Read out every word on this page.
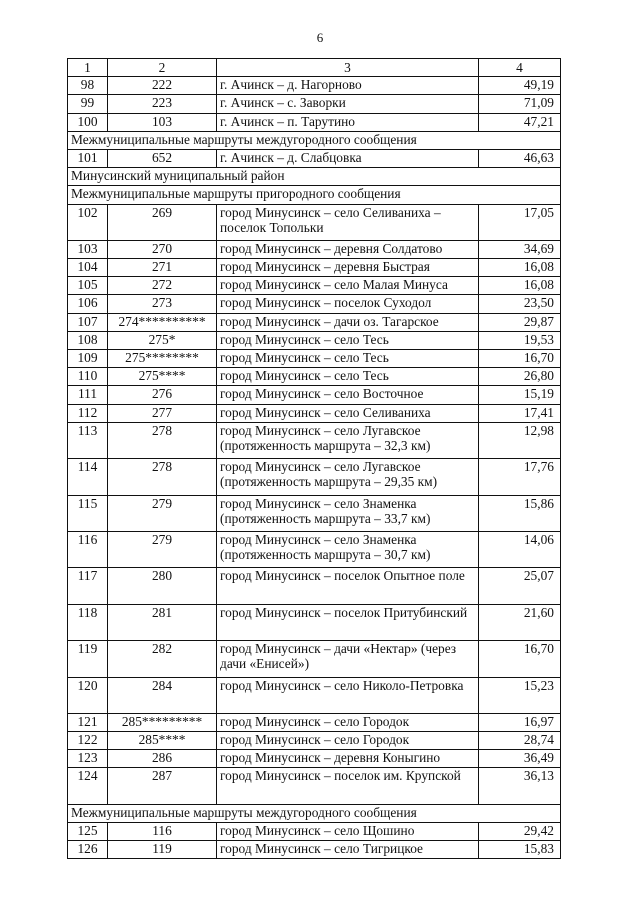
6
1	2	3	4
98	222	г. Ачинск – д. Нагорново	49,19
99	223	г. Ачинск – с. Заворки	71,09
100	103	г. Ачинск – п. Тарутино	47,21
Межмуниципальные маршруты междугородного сообщения			
101	652	г. Ачинск – д. Слабцовка	46,63
Минусинский муниципальный район			
Межмуниципальные маршруты пригородного сообщения			
102	269	город Минусинск – село Селиваниха – поселок Топольки	17,05
103	270	город Минусинск – деревня Солдатово	34,69
104	271	город Минусинск – деревня Быстрая	16,08
105	272	город Минусинск – село Малая Минуса	16,08
106	273	город Минусинск – поселок Суходол	23,50
107	274**********	город Минусинск – дачи оз. Тагарское	29,87
108	275*	город Минусинск – село Тесь	19,53
109	275********	город Минусинск – село Тесь	16,70
110	275****	город Минусинск – село Тесь	26,80
111	276	город Минусинск – село Восточное	15,19
112	277	город Минусинск – село Селиваниха	17,41
113	278	город Минусинск – село Лугавское (протяженность маршрута – 32,3 км)	12,98
114	278	город Минусинск – село Лугавское (протяженность маршрута – 29,35 км)	17,76
115	279	город Минусинск – село Знаменка (протяженность маршрута – 33,7 км)	15,86
116	279	город Минусинск – село Знаменка (протяженность маршрута – 30,7 км)	14,06
117	280	город Минусинск – поселок Опытное поле	25,07
118	281	город Минусинск – поселок Притубинский	21,60
119	282	город Минусинск – дачи «Нектар» (через дачи «Енисей»)	16,70
120	284	город Минусинск – село Николо-Петровка	15,23
121	285*********	город Минусинск – село Городок	16,97
122	285****	город Минусинск – село Городок	28,74
123	286	город Минусинск – деревня Коныгино	36,49
124	287	город Минусинск – поселок им. Крупской	36,13
Межмуниципальные маршруты междугородного сообщения			
125	116	город Минусинск – село Щошино	29,42
126	119	город Минусинск – село Тигрицкое	15,83
